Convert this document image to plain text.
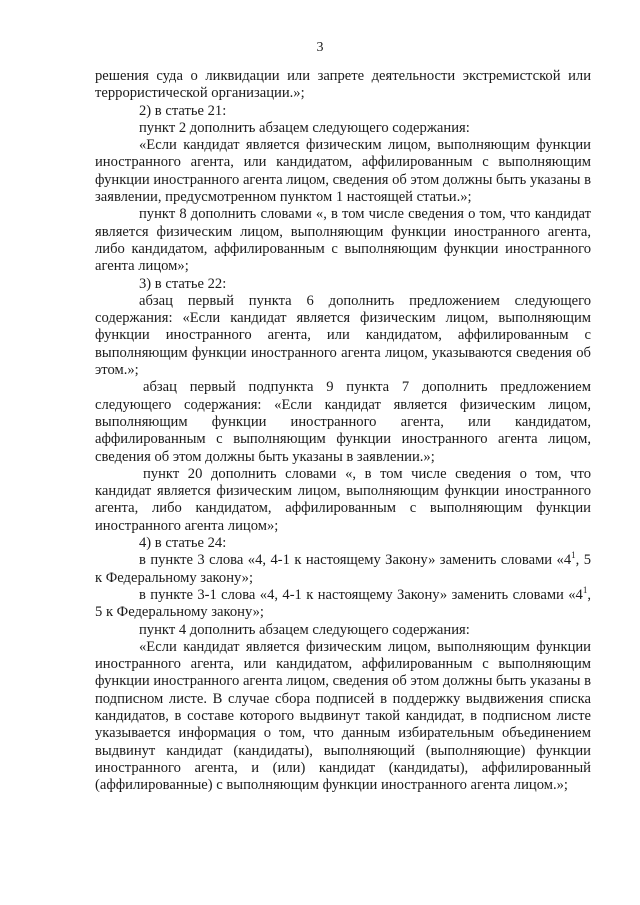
3

решения суда о ликвидации или запрете деятельности экстремистской или террористической организации.»;

2) в статье 21:

пункт 2 дополнить абзацем следующего содержания:

«Если кандидат является физическим лицом, выполняющим функции иностранного агента, или кандидатом, аффилированным с выполняющим функции иностранного агента лицом, сведения об этом должны быть указаны в заявлении, предусмотренном пунктом 1 настоящей статьи.»;

пункт 8 дополнить словами «, в том числе сведения о том, что кандидат является физическим лицом, выполняющим функции иностранного агента, либо кандидатом, аффилированным с выполняющим функции иностранного агента лицом»;

3) в статье 22:

абзац первый пункта 6 дополнить предложением следующего содержания: «Если кандидат является физическим лицом, выполняющим функции иностранного агента, или кандидатом, аффилированным с выполняющим функции иностранного агента лицом, указываются сведения об этом.»;

абзац первый подпункта 9 пункта 7 дополнить предложением следующего содержания: «Если кандидат является физическим лицом, выполняющим функции иностранного агента, или кандидатом, аффилированным с выполняющим функции иностранного агента лицом, сведения об этом должны быть указаны в заявлении.»;

пункт 20 дополнить словами «, в том числе сведения о том, что кандидат является физическим лицом, выполняющим функции иностранного агента, либо кандидатом, аффилированным с выполняющим функции иностранного агента лицом»;

4) в статье 24:

в пункте 3 слова «4, 4-1 к настоящему Закону» заменить словами «$4^1$, 5 к Федеральному закону»;

в пункте 3-1 слова «4, 4-1 к настоящему Закону» заменить словами «$4^1$, 5 к Федеральному закону»;

пункт 4 дополнить абзацем следующего содержания:

«Если кандидат является физическим лицом, выполняющим функции иностранного агента, или кандидатом, аффилированным с выполняющим функции иностранного агента лицом, сведения об этом должны быть указаны в подписном листе. В случае сбора подписей в поддержку выдвижения списка кандидатов, в составе которого выдвинут такой кандидат, в подписном листе указывается информация о том, что данным избирательным объединением выдвинут кандидат (кандидаты), выполняющий (выполняющие) функции иностранного агента, и (или) кандидат (кандидаты), аффилированный (аффилированные) с выполняющим функции иностранного агента лицом.»;
